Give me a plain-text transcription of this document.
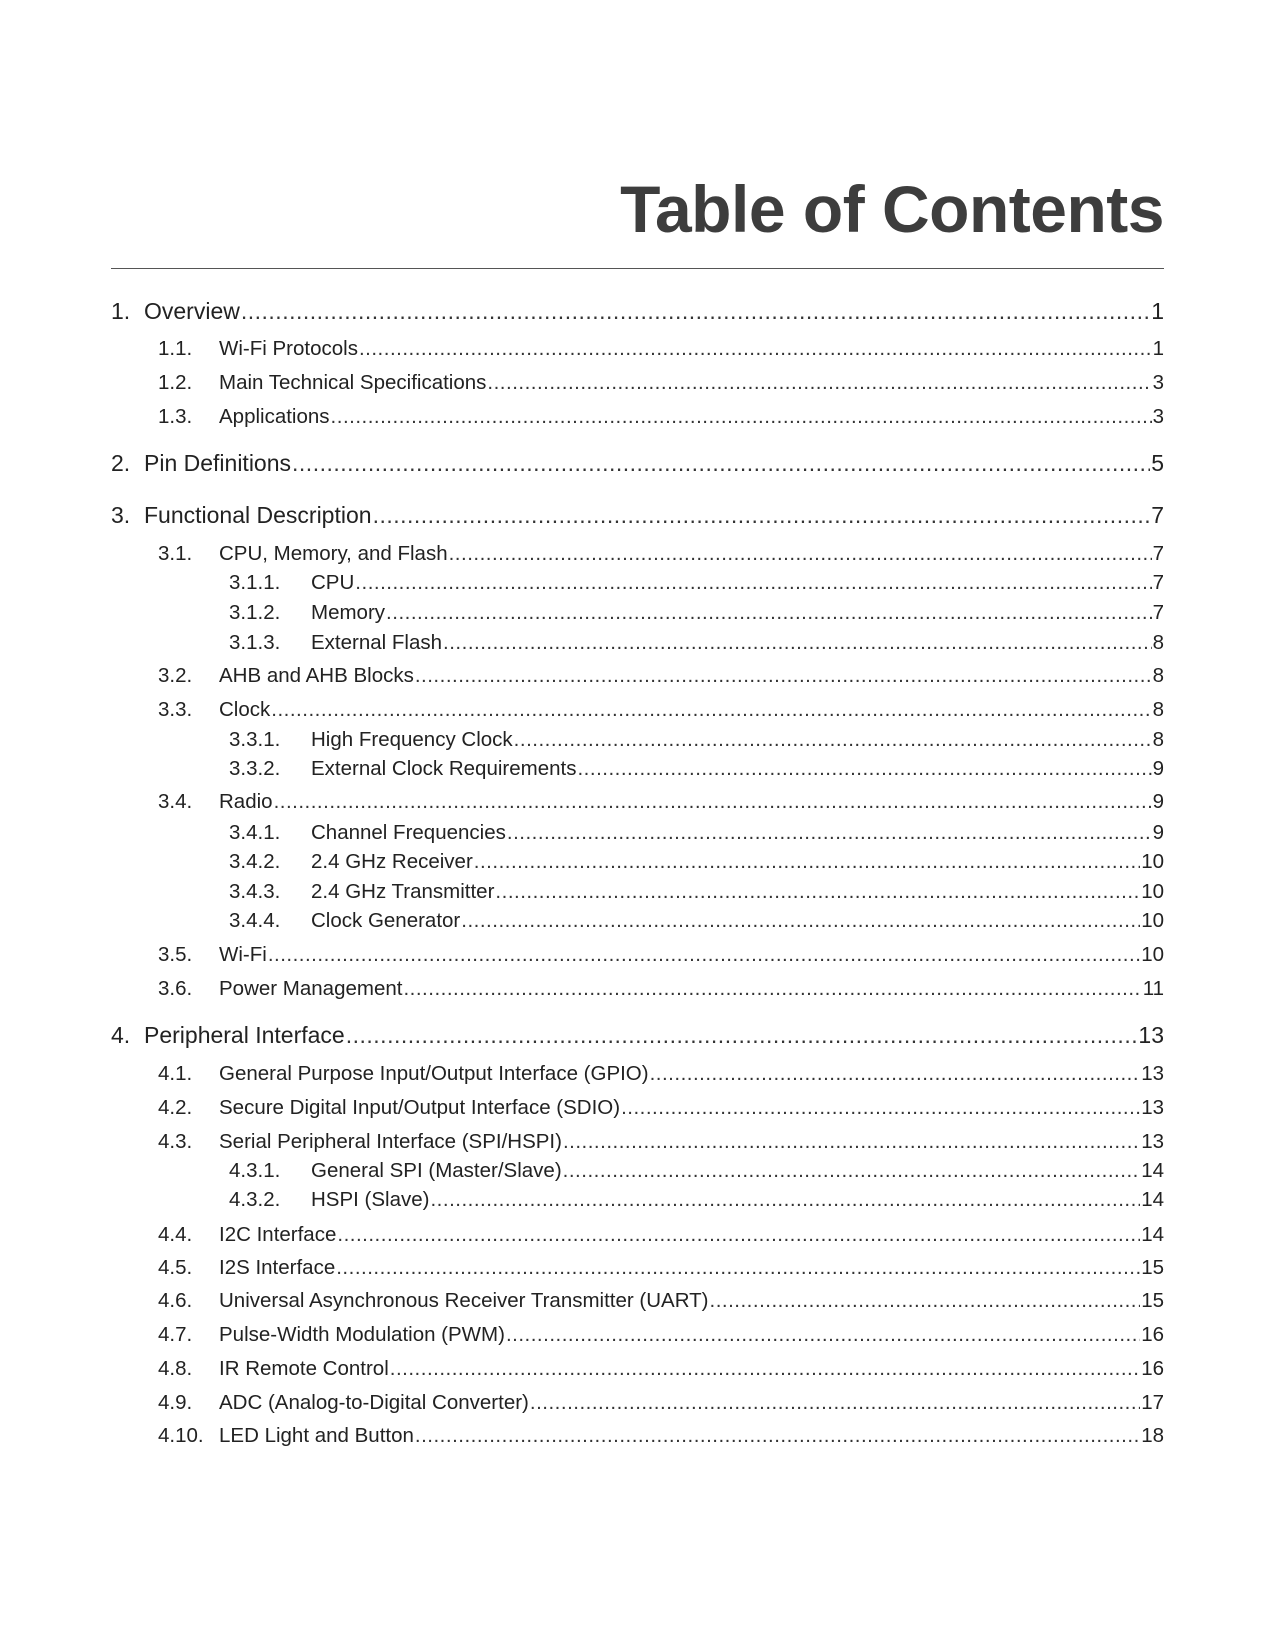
Table of Contents
1. Overview .....	1
1.1.	Wi-Fi Protocols .....	1
1.2.	Main Technical Specifications .....	3
1.3.	Applications .....	3
2. Pin Definitions .....	5
3. Functional Description .....	7
3.1.	CPU, Memory, and Flash .....	7
3.1.1.	CPU .....	7
3.1.2.	Memory .....	7
3.1.3.	External Flash .....	8
3.2.	AHB and AHB Blocks .....	8
3.3.	Clock .....	8
3.3.1.	High Frequency Clock .....	8
3.3.2.	External Clock Requirements .....	9
3.4.	Radio .....	9
3.4.1.	Channel Frequencies .....	9
3.4.2.	2.4 GHz Receiver .....	10
3.4.3.	2.4 GHz Transmitter .....	10
3.4.4.	Clock Generator .....	10
3.5.	Wi-Fi .....	10
3.6.	Power Management .....	11
4. Peripheral Interface .....	13
4.1.	General Purpose Input/Output Interface (GPIO) .....	13
4.2.	Secure Digital Input/Output Interface (SDIO) .....	13
4.3.	Serial Peripheral Interface (SPI/HSPI) .....	13
4.3.1.	General SPI (Master/Slave) .....	14
4.3.2.	HSPI (Slave) .....	14
4.4.	I2C Interface .....	14
4.5.	I2S Interface .....	15
4.6.	Universal Asynchronous Receiver Transmitter (UART) .....	15
4.7.	Pulse-Width Modulation (PWM) .....	16
4.8.	IR Remote Control .....	16
4.9.	ADC (Analog-to-Digital Converter) .....	17
4.10. LED Light and Button .....	18
